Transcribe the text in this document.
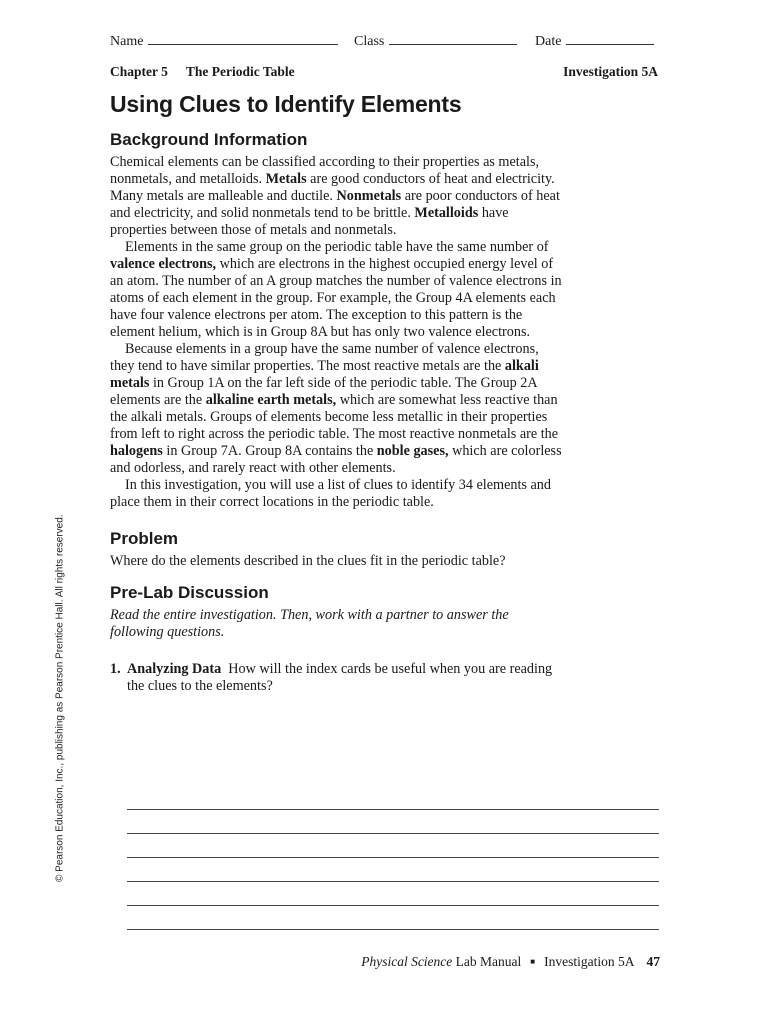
Name	Class	Date
Chapter 5 The Periodic Table	Investigation 5A
Using Clues to Identify Elements
Background Information

Chemical elements can be classified according to their properties as metals, nonmetals, and metalloids. Metals are good conductors of heat and electricity. Many metals are malleable and ductile. Nonmetals are poor conductors of heat and electricity, and solid nonmetals tend to be brittle. Metalloids have properties between those of metals and nonmetals.

Elements in the same group on the periodic table have the same number of valence electrons, which are electrons in the highest occupied energy level of an atom. The number of an A group matches the number of valence electrons in atoms of each element in the group. For example, the Group 4A elements each have four valence electrons per atom. The exception to this pattern is the element helium, which is in Group 8A but has only two valence electrons.

Because elements in a group have the same number of valence electrons, they tend to have similar properties. The most reactive metals are the alkali metals in Group 1A on the far left side of the periodic table. The Group 2A elements are the alkaline earth metals, which are somewhat less reactive than the alkali metals. Groups of elements become less metallic in their properties from left to right across the periodic table. The most reactive nonmetals are the halogens in Group 7A. Group 8A contains the noble gases, which are colorless and odorless, and rarely react with other elements.

In this investigation, you will use a list of clues to identify 34 elements and place them in their correct locations in the periodic table.

Problem

Where do the elements described in the clues fit in the periodic table?

Pre-Lab Discussion

Read the entire investigation. Then, work with a partner to answer the following questions.

1. Analyzing Data How will the index cards be useful when you are reading the clues to the elements?
© Pearson Education, Inc., publishing as Pearson Prentice Hall. All rights reserved.
Physical Science Lab Manual ■ Investigation 5A 47
